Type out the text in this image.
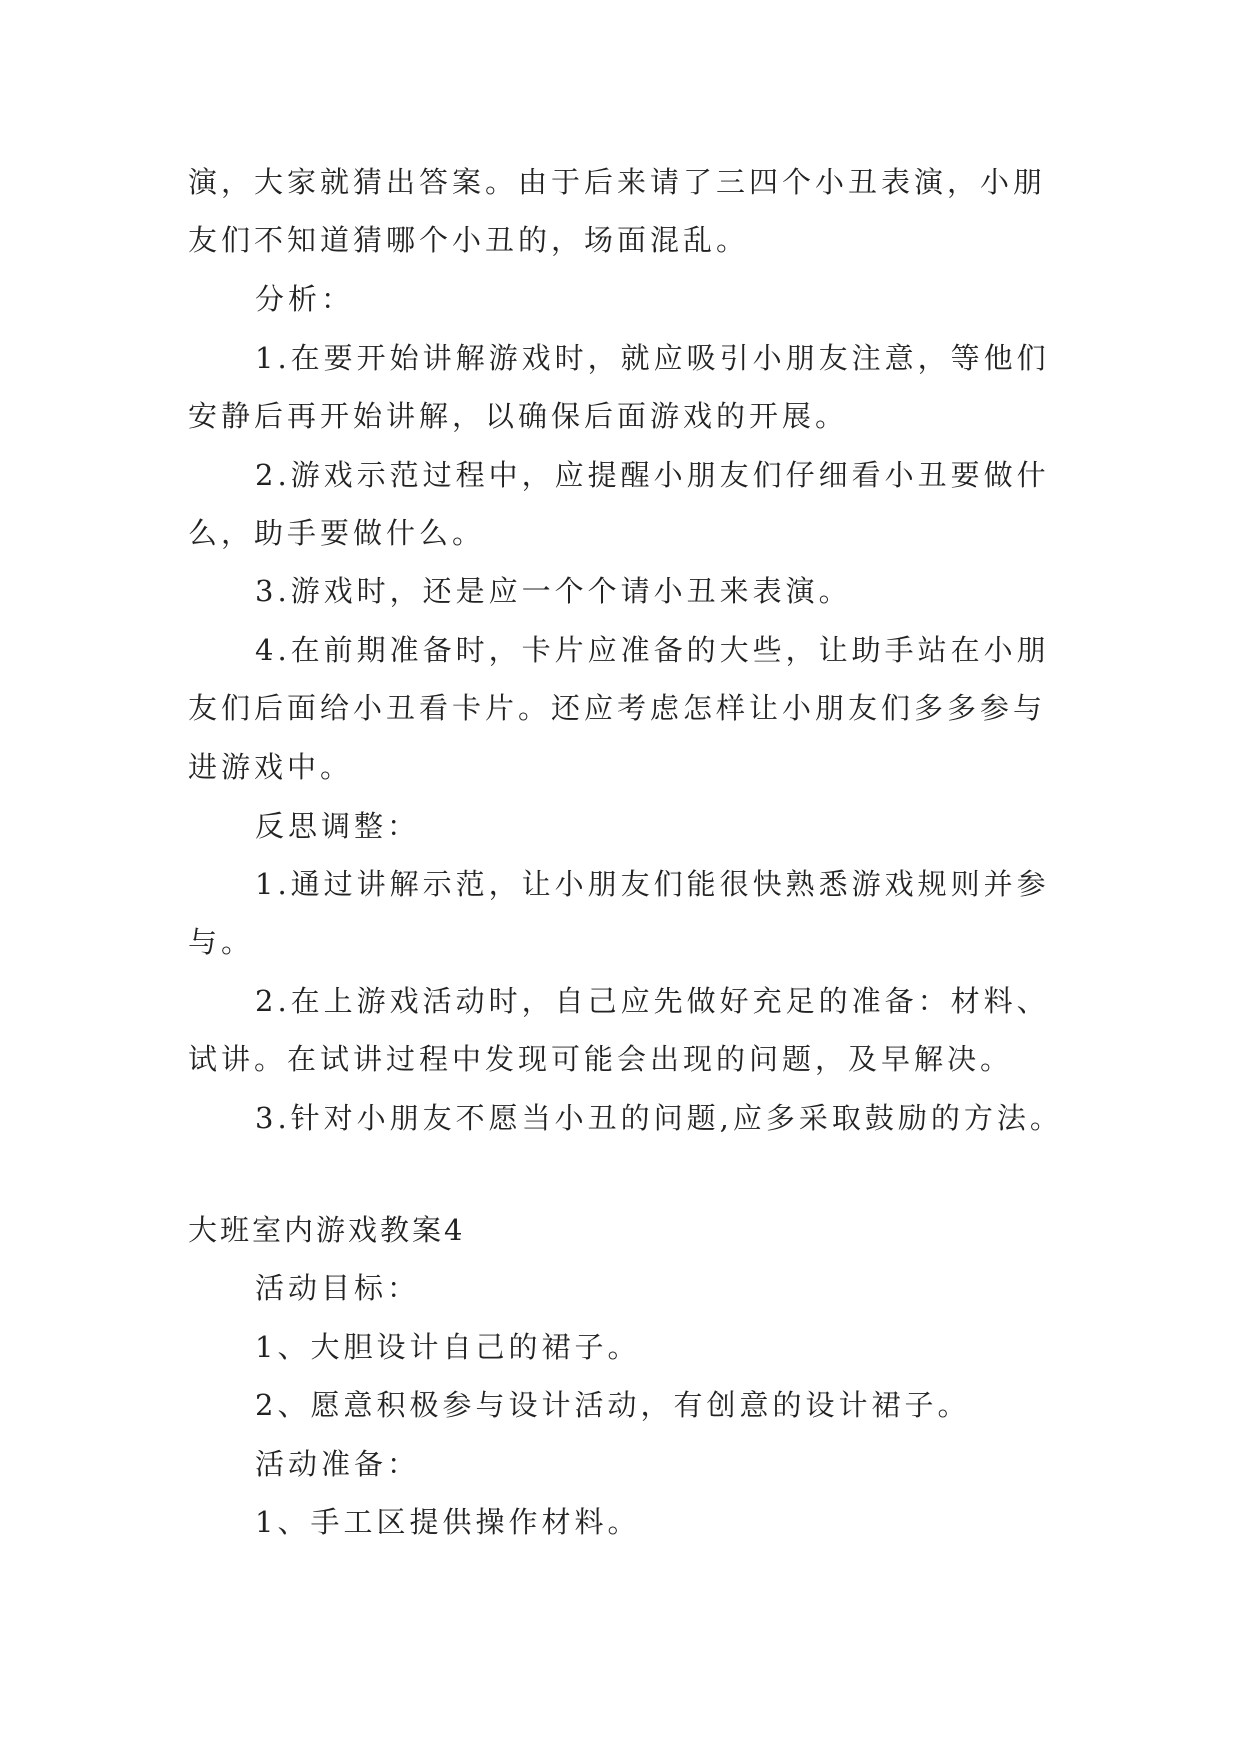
演，大家就猜出答案。由于后来请了三四个小丑表演，小朋
友们不知道猜哪个小丑的，场面混乱。
分析：
1.在要开始讲解游戏时，就应吸引小朋友注意，等他们
安静后再开始讲解，以确保后面游戏的开展。
2.游戏示范过程中，应提醒小朋友们仔细看小丑要做什
么，助手要做什么。
3.游戏时，还是应一个个请小丑来表演。
4.在前期准备时，卡片应准备的大些，让助手站在小朋
友们后面给小丑看卡片。还应考虑怎样让小朋友们多多参与
进游戏中。
反思调整：
1.通过讲解示范，让小朋友们能很快熟悉游戏规则并参
与。
2.在上游戏活动时，自己应先做好充足的准备：材料、
试讲。在试讲过程中发现可能会出现的问题，及早解决。
3.针对小朋友不愿当小丑的问题,应多采取鼓励的方法。
大班室内游戏教案4
活动目标：
1、大胆设计自己的裙子。
2、愿意积极参与设计活动，有创意的设计裙子。
活动准备：
1、手工区提供操作材料。
